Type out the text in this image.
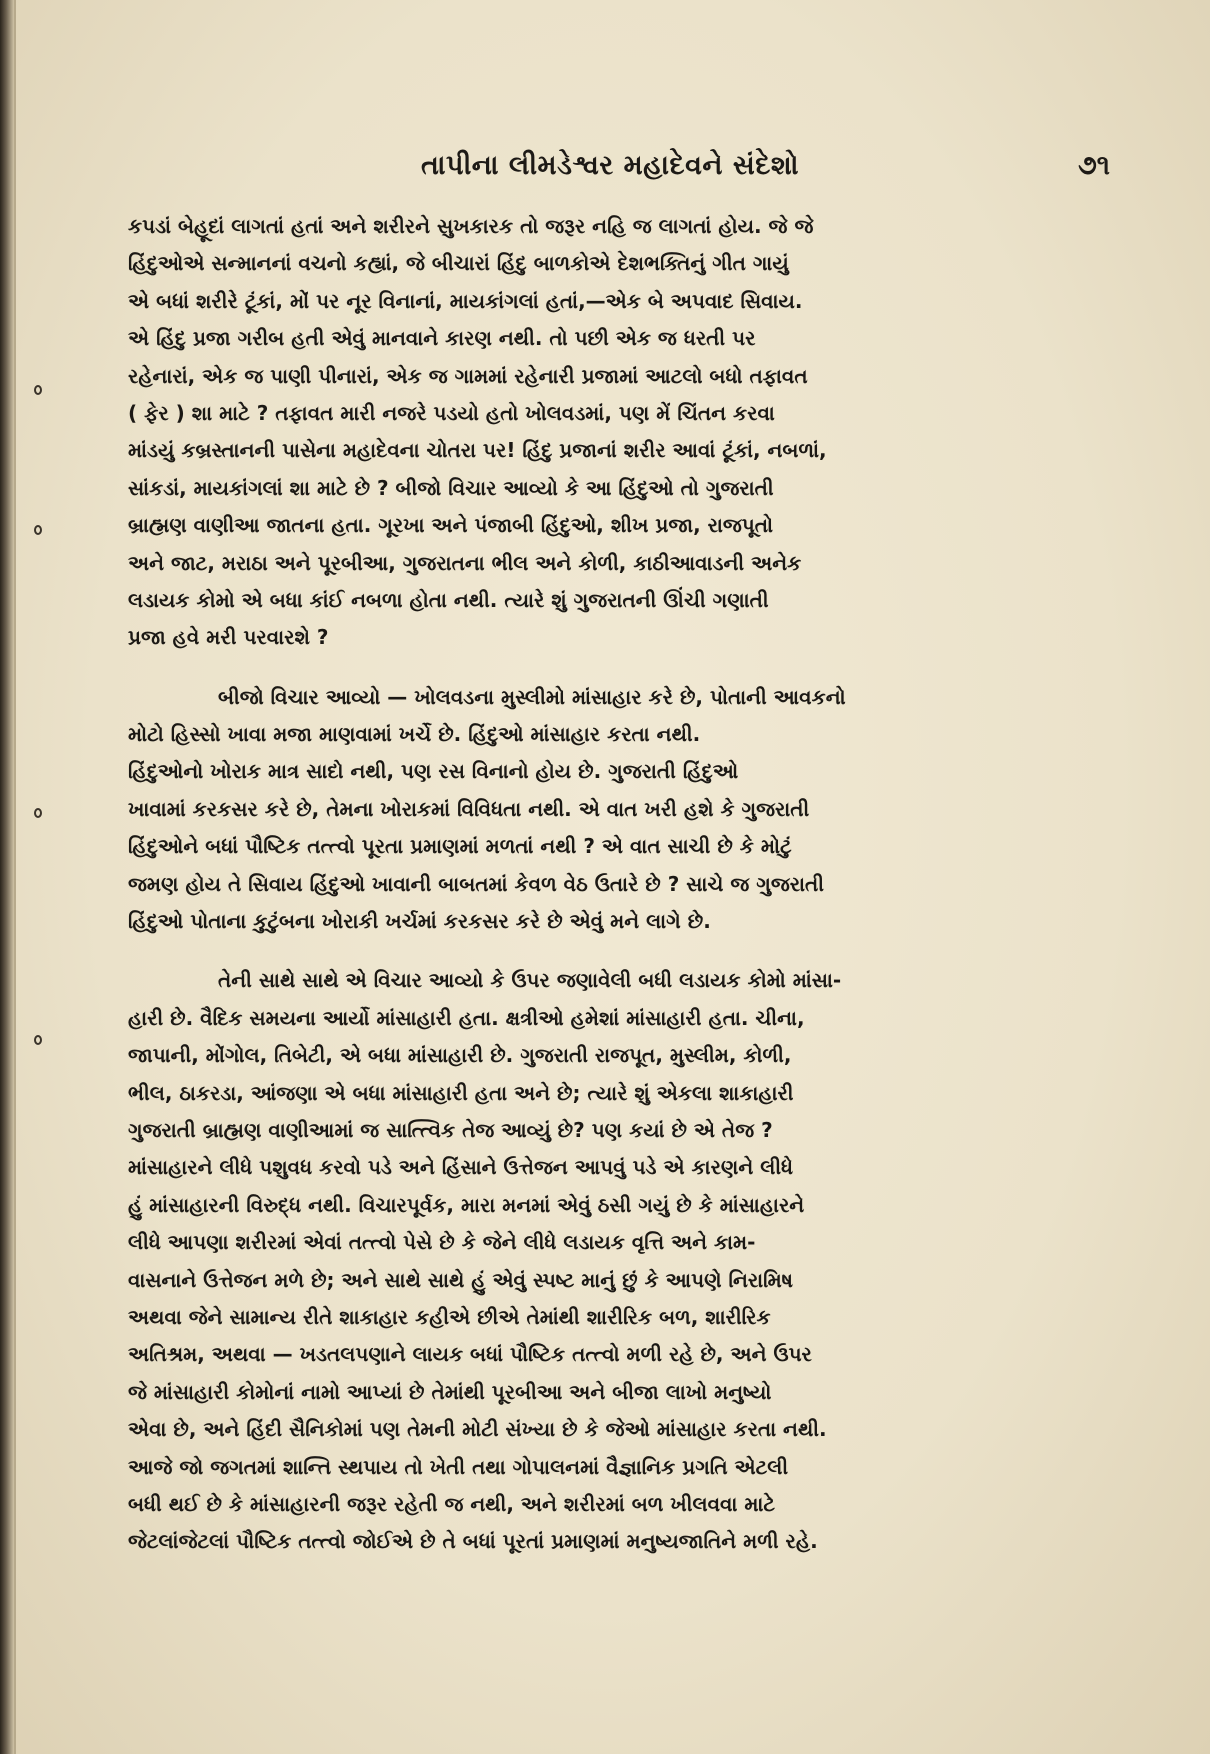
તાપીના લીમડેશ્વર મહાદેવને સંદેશો	૭૧
કપડાં બેહૂદાં લાગતાં હતાં અને શરીરને સુખકારક તો જરૂર નહિ જ લાગતાં હોય. જે જે
હિંદુઓએ સન્માનનાં વચનો કહ્યાં, જે બીચારાં હિંદુ બાળકોએ દેશભક્તિનું ગીત ગાયું
એ બધાં શરીરે ટૂંકાં, મોં પર નૂર વિનાનાં, માયકાંગલાં હતાં,—એક બે અપવાદ સિવાય.
એ હિંદુ પ્રજા ગરીબ હતી એવું માનવાને કારણ નથી. તો પછી એક જ ધરતી પર
રહેનારાં, એક જ પાણી પીનારાં, એક જ ગામમાં રહેનારી પ્રજામાં આટલો બધો તફાવત
( ફેર ) શા માટે ? તફાવત મારી નજરે પડયો હતો ખોલવડમાં, પણ મેં ચિંતન કરવા
માંડયું કબ્રસ્તાનની પાસેના મહાદેવના ચોતરા પર! હિંદુ પ્રજાનાં શરીર આવાં ટૂંકાં, નબળાં,
સાંકડાં, માયકાંગલાં શા માટે છે ? બીજો વિચાર આવ્યો કે આ હિંદુઓ તો ગુજરાતી
બ્રાહ્મણ વાણીઆ જાતના હતા. ગૂરખા અને પંજાબી હિંદુઓ, શીખ પ્રજા, રાજપૂતો
અને જાટ, મરાઠા અને પૂરબીઆ, ગુજરાતના ભીલ અને કોળી, કાઠીઆવાડની અનેક
લડાયક કોમો એ બધા કાંઈ નબળા હોતા નથી. ત્યારે શું ગુજરાતની ઊંચી ગણાતી
પ્રજા હવે મરી પરવારશે ?
બીજો વિચાર આવ્યો — ખોલવડના મુસ્લીમો માંસાહાર કરે છે, પોતાની આવકનો
મોટો હિસ્સો ખાવા મજા માણવામાં ખર્ચે છે. હિંદુઓ માંસાહાર કરતા નથી.
હિંદુઓનો ખોરાક માત્ર સાદો નથી, પણ રસ વિનાનો હોય છે. ગુજરાતી હિંદુઓ
ખાવામાં કરકસર કરે છે, તેમના ખોરાકમાં વિવિધતા નથી. એ વાત ખરી હશે કે ગુજરાતી
હિંદુઓને બધાં પૌષ્ટિક તત્ત્વો પૂરતા પ્રમાણમાં મળતાં નથી ? એ વાત સાચી છે કે મોટું
જમણ હોય તે સિવાય હિંદુઓ ખાવાની બાબતમાં કેવળ વેઠ ઉતારે છે ? સાચે જ ગુજરાતી
હિંદુઓ પોતાના કુટુંબના ખોરાકી ખર્ચમાં કરકસર કરે છે એવું મને લાગે છે.
તેની સાથે સાથે એ વિચાર આવ્યો કે ઉપર જણાવેલી બધી લડાયક કોમો માંસા-
હારી છે. વૈદિક સમયના આર્યો માંસાહારી હતા. ક્ષત્રીઓ હમેશાં માંસાહારી હતા. ચીના,
જાપાની, મોંગોલ, તિબેટી, એ બધા માંસાહારી છે. ગુજરાતી રાજપૂત, મુસ્લીમ, કોળી,
ભીલ, ઠાકરડા, આંજણા એ બધા માંસાહારી હતા અને છે; ત્યારે શું એકલા શાકાહારી
ગુજરાતી બ્રાહ્મણ વાણીઆમાં જ સાત્ત્વિક તેજ આવ્યું છે? પણ કયાં છે એ તેજ ?
માંસાહારને લીધે પશુવધ કરવો પડે અને હિંસાને ઉત્તેજન આપવું પડે એ કારણને લીધે
હું માંસાહારની વિરુદ્ધ નથી. વિચારપૂર્વક, મારા મનમાં એવું ઠસી ગયું છે કે માંસાહારને
લીધે આપણા શરીરમાં એવાં તત્ત્વો પેસે છે કે જેને લીધે લડાયક વૃત્તિ અને કામ-
વાસનાને ઉત્તેજન મળે છે; અને સાથે સાથે હું એવું સ્પષ્ટ માનું છું કે આપણે નિરામિષ
અથવા જેને સામાન્ય રીતે શાકાહાર કહીએ છીએ તેમાંથી શારીરિક બળ, શારીરિક
અતિશ્રમ, અથવા — ખડતલપણાને લાયક બધાં પૌષ્ટિક તત્ત્વો મળી રહે છે, અને ઉપર
જે માંસાહારી કોમોનાં નામો આપ્યાં છે તેમાંથી પૂરબીઆ અને બીજા લાખો મનુષ્યો
એવા છે, અને હિંદી સૈનિકોમાં પણ તેમની મોટી સંખ્યા છે કે જેઓ માંસાહાર કરતા નથી.
આજે જો જગતમાં શાન્તિ સ્થપાય તો ખેતી તથા ગોપાલનમાં વૈજ્ઞાનિક પ્રગતિ એટલી
બધી થઈ છે કે માંસાહારની જરૂર રહેતી જ નથી, અને શરીરમાં બળ ખીલવવા માટે
જેટલાંજેટલાં પૌષ્ટિક તત્ત્વો જોઈએ છે તે બધાં પૂરતાં પ્રમાણમાં મનુષ્યજાતિને મળી રહે.
